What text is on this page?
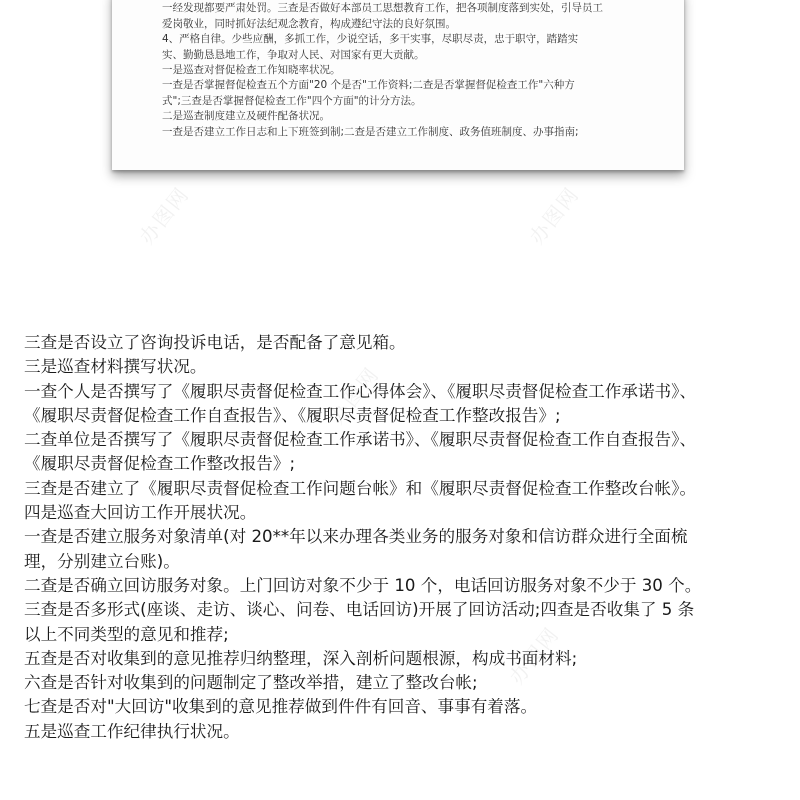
一经发现都要严肃处罚。三查是否做好本部员工思想教育工作，把各项制度落到实处，引导员工
爱岗敬业，同时抓好法纪观念教育，构成遵纪守法的良好氛围。
4、严格自律。少些应酬，多抓工作，少说空话，多干实事，尽职尽责，忠于职守，踏踏实
实、勤勤恳恳地工作，争取对人民、对国家有更大贡献。
一是巡查对督促检查工作知晓率状况。
一查是否掌握督促检查五个方面"20 个是否"工作资料;二查是否掌握督促检查工作"六种方
式";三查是否掌握督促检查工作"四个方面"的计分方法。
二是巡查制度建立及硬件配备状况。
一查是否建立工作日志和上下班签到制;二查是否建立工作制度、政务值班制度、办事指南;
办图网	办图网
办图网
办图网
三查是否设立了咨询投诉电话，是否配备了意见箱。
三是巡查材料撰写状况。
一查个人是否撰写了《履职尽责督促检查工作心得体会》、《履职尽责督促检查工作承诺书》、
《履职尽责督促检查工作自查报告》、《履职尽责督促检查工作整改报告》;
二查单位是否撰写了《履职尽责督促检查工作承诺书》、《履职尽责督促检查工作自查报告》、
《履职尽责督促检查工作整改报告》;
三查是否建立了《履职尽责督促检查工作问题台帐》和《履职尽责督促检查工作整改台帐》。
四是巡查大回访工作开展状况。
一查是否建立服务对象清单(对 20**年以来办理各类业务的服务对象和信访群众进行全面梳
理，分别建立台账)。
二查是否确立回访服务对象。上门回访对象不少于 10 个，电话回访服务对象不少于 30 个。
三查是否多形式(座谈、走访、谈心、问卷、电话回访)开展了回访活动;四查是否收集了 5 条
以上不同类型的意见和推荐;
五查是否对收集到的意见推荐归纳整理，深入剖析问题根源，构成书面材料;
六查是否针对收集到的问题制定了整改举措，建立了整改台帐;
七查是否对"大回访"收集到的意见推荐做到件件有回音、事事有着落。
五是巡查工作纪律执行状况。
